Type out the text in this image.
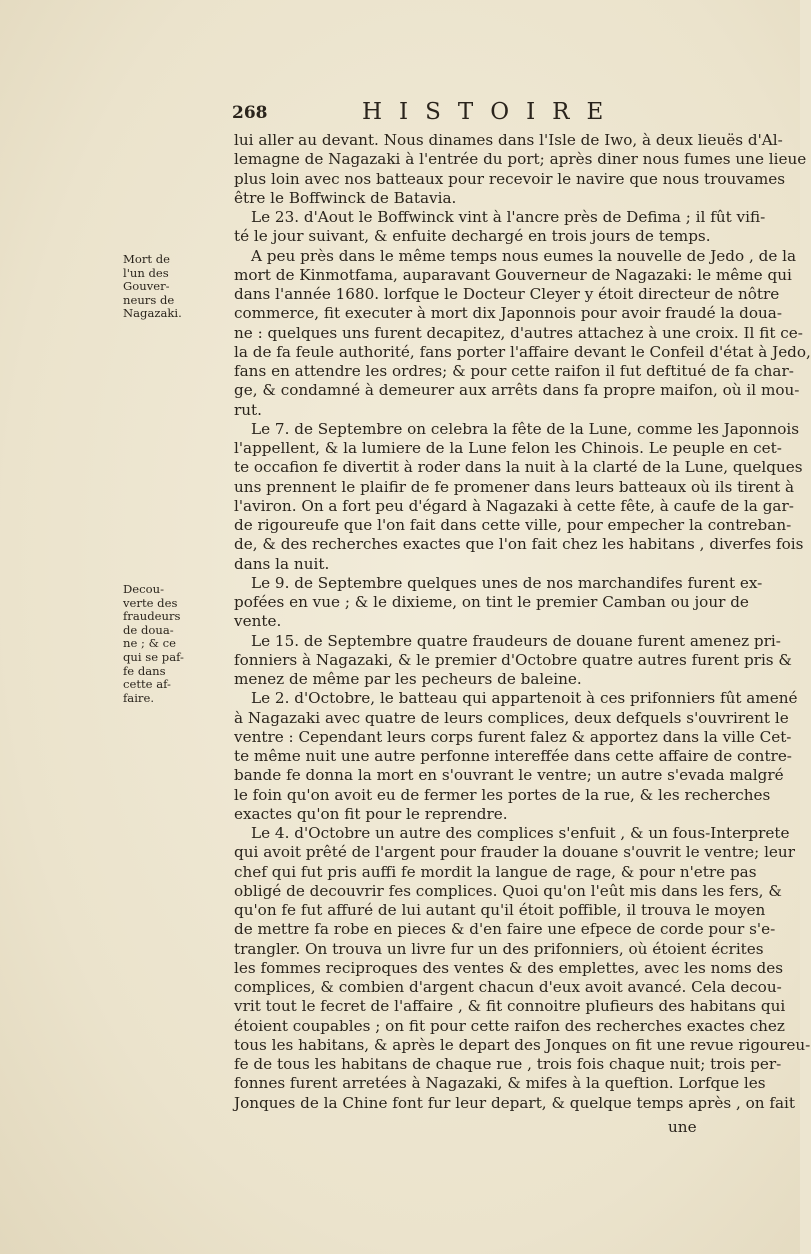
268	HISTOIRE
Mort de
l'un des
Gouver-
neurs de
Nagazaki.
Decou-
verte des
fraudeurs
de doua-
ne ; & ce
qui se paf-
fe dans
cette af-
faire.
lui aller au devant. Nous dinames dans l'Isle de Iwo, à deux lieuës d'Al-
lemagne de Nagazaki à l'entrée du port; après diner nous fumes une lieue
plus loin avec nos batteaux pour recevoir le navire que nous trouvames
être le Boffwinck de Batavia.
Le 23. d'Aout le Boffwinck vint à l'ancre près de Defima ; il fût vifi-
té le jour suivant, & enfuite dechargé en trois jours de temps.
A peu près dans le même temps nous eumes la nouvelle de Jedo , de la
mort de Kinmotfama, auparavant Gouverneur de Nagazaki: le même qui
dans l'année 1680. lorfque le Docteur Cleyer y étoit directeur de nôtre
commerce, fit executer à mort dix Japonnois pour avoir fraudé la doua-
ne : quelques uns furent decapitez, d'autres attachez à une croix. Il fit ce-
la de fa feule authorité, fans porter l'affaire devant le Confeil d'état à Jedo,
fans en attendre les ordres; & pour cette raifon il fut deftitué de fa char-
ge, & condamné à demeurer aux arrêts dans fa propre maifon, où il mou-
rut.
Le 7. de Septembre on celebra la fête de la Lune, comme les Japonnois
l'appellent, & la lumiere de la Lune felon les Chinois. Le peuple en cet-
te occafion fe divertit à roder dans la nuit à la clarté de la Lune, quelques
uns prennent le plaifir de fe promener dans leurs batteaux où ils tirent à
l'aviron. On a fort peu d'égard à Nagazaki à cette fête, à caufe de la gar-
de rigoureufe que l'on fait dans cette ville, pour empecher la contreban-
de, & des recherches exactes que l'on fait chez les habitans , diverfes fois
dans la nuit.
Le 9. de Septembre quelques unes de nos marchandifes furent ex-
pofées en vue ; & le dixieme, on tint le premier Camban ou jour de
vente.
Le 15. de Septembre quatre fraudeurs de douane furent amenez pri-
fonniers à Nagazaki, & le premier d'Octobre quatre autres furent pris &
menez de même par les pecheurs de baleine.
Le 2. d'Octobre, le batteau qui appartenoit à ces prifonniers fût amené
à Nagazaki avec quatre de leurs complices, deux defquels s'ouvrirent le
ventre : Cependant leurs corps furent falez & apportez dans la ville Cet-
te même nuit une autre perfonne intereffée dans cette affaire de contre-
bande fe donna la mort en s'ouvrant le ventre; un autre s'evada malgré
le foin qu'on avoit eu de fermer les portes de la rue, & les recherches
exactes qu'on fit pour le reprendre.
Le 4. d'Octobre un autre des complices s'enfuit , & un fous-Interprete
qui avoit prêté de l'argent pour frauder la douane s'ouvrit le ventre; leur
chef qui fut pris auffi fe mordit la langue de rage, & pour n'etre pas
obligé de decouvrir fes complices. Quoi qu'on l'eût mis dans les fers, &
qu'on fe fut affuré de lui autant qu'il étoit poffible, il trouva le moyen
de mettre fa robe en pieces & d'en faire une efpece de corde pour s'e-
trangler. On trouva un livre fur un des prifonniers, où étoient écrites
les fommes reciproques des ventes & des emplettes, avec les noms des
complices, & combien d'argent chacun d'eux avoit avancé. Cela decou-
vrit tout le fecret de l'affaire , & fit connoitre plufieurs des habitans qui
étoient coupables ; on fit pour cette raifon des recherches exactes chez
tous les habitans, & après le depart des Jonques on fit une revue rigoureu-
fe de tous les habitans de chaque rue , trois fois chaque nuit; trois per-
fonnes furent arretées à Nagazaki, & mifes à la queftion. Lorfque les
Jonques de la Chine font fur leur depart, & quelque temps après , on fait
une
